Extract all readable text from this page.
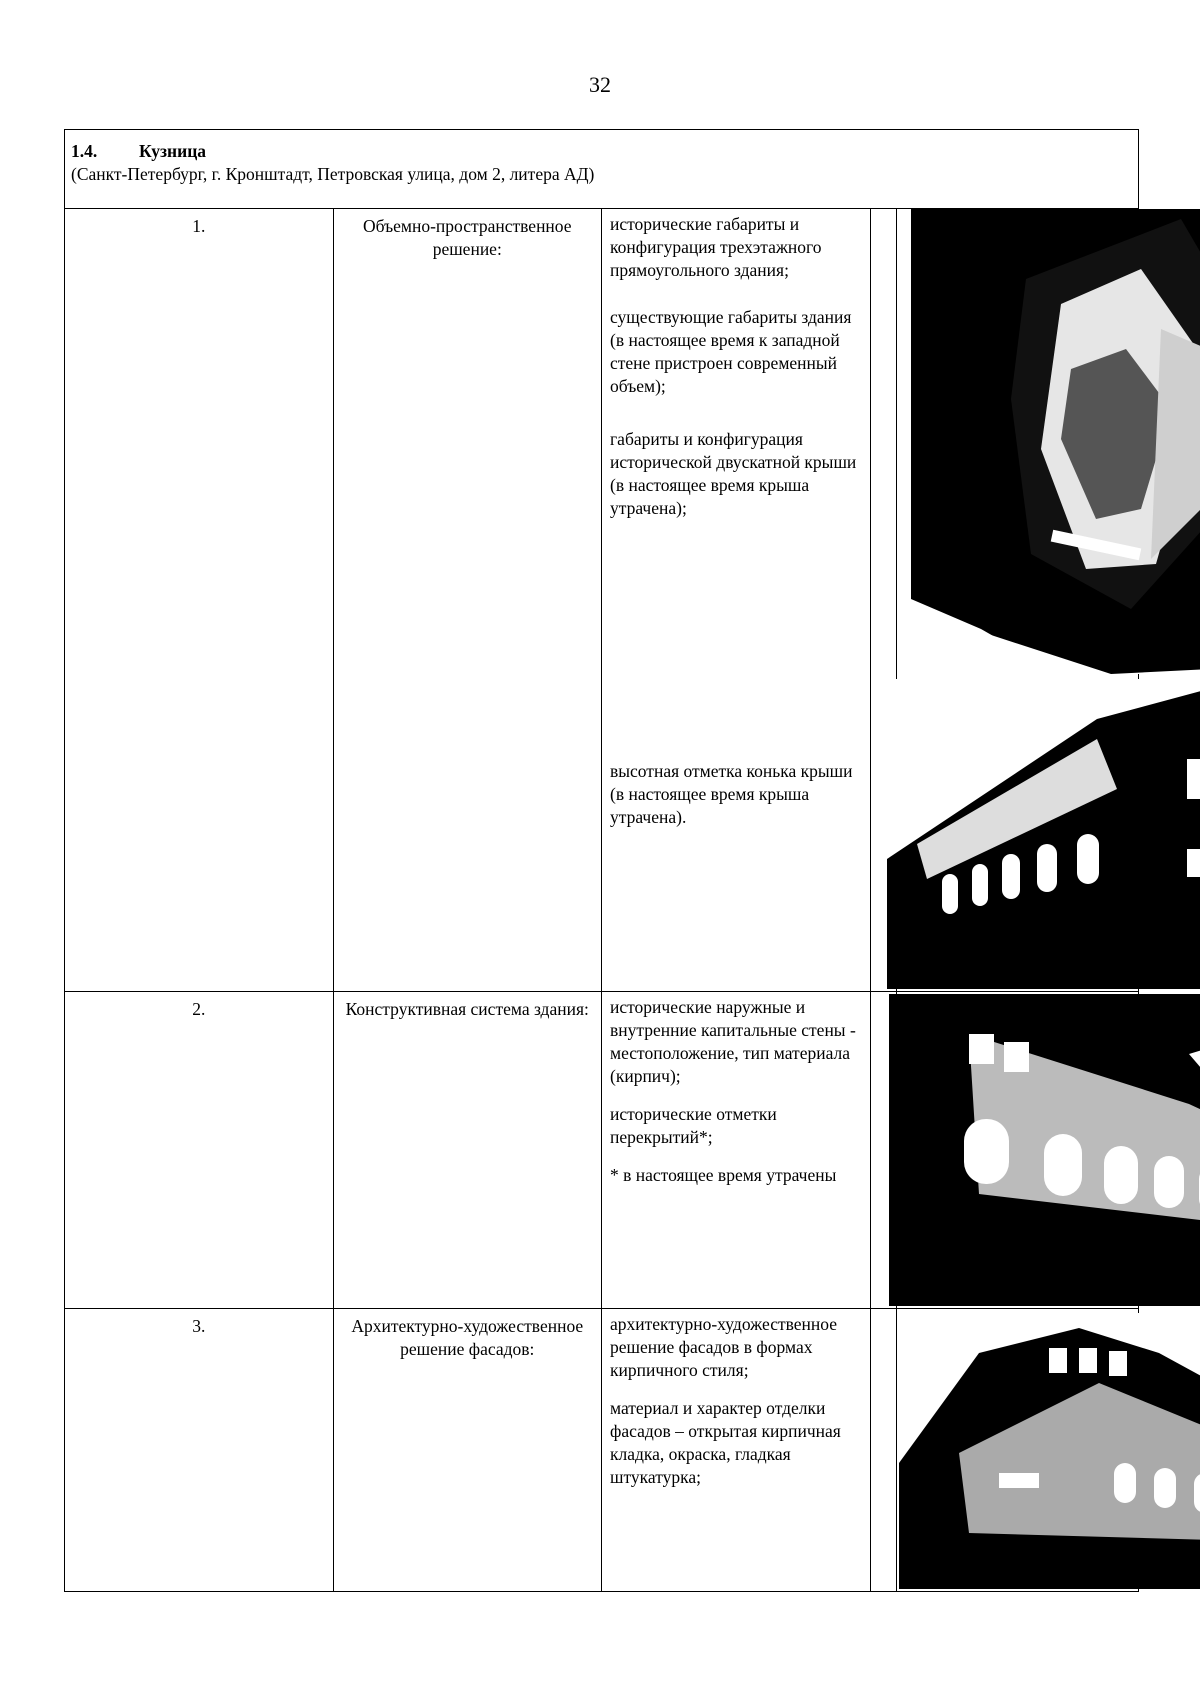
32
1.4. Кузница
(Санкт-Петербург, г. Кронштадт, Петровская улица, дом 2, литера АД)			

1.	Объемно-пространственное решение:	исторические габариты и конфигурация трехэтажного прямоугольного здания;

существующие габариты здания (в настоящее время к западной стене пристроен современный объем);

габариты и конфигурация исторической двускатной крыши (в настоящее время крыша утрачена);

высотная отметка конька крыши (в настоящее время крыша утрачена).

2.	Конструктивная система здания:	исторические наружные и внутренние капитальные стены - местоположение, тип материала (кирпич);

исторические отметки перекрытий*;

* в настоящее время утрачены

3.	Архитектурно-художественное решение фасадов:	архитектурно-художественное решение фасадов в формах кирпичного стиля;

материал и характер отделки фасадов – открытая кирпичная кладка, окраска, гладкая штукатурка;
